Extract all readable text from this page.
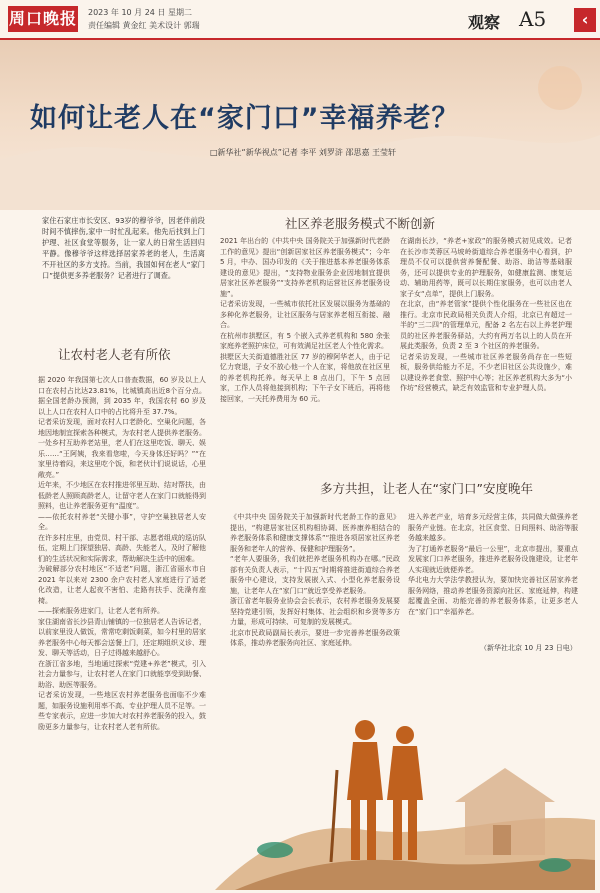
周口晚报 2023 年 10 月 24 日 星期二
责任编辑 黄金红 美术设计 郭瑞	观察 A5	‹
如何让老人在“家门口”幸福养老？
□新华社“新华视点”记者 李平 刘罗浒 邵思嘉 王莹轩

家住石家庄市长安区、93岁的穆爷爷，因老伴前段时间不慎摔伤,家中一时忙乱起来。他先后找到上门护理、社区食堂等服务，让一家人的日常生活回归平静。像穆爷爷这样选择居家养老的老人，生活离不开社区的多方支持。当前，我国如何在老人“家门口”提供更多养老服务？记者进行了调查。

社区养老服务模式不断创新
让农村老人老有所依
多方共担，让老人在“家门口”安度晚年

据 2020 年我国第七次人口普查数据，60 岁及以上人口在农村占比达23.81%，比城镇高出近8个百分点。据全国老龄办预测，到 2035 年，我国农村 60 岁及以上人口在农村人口中的占比将升至 37.7%。

记者采访发现，面对农村人口老龄化、空巢化问题，各地因地制宜探索各种模式，为农村老人提供养老服务。

一处乡村互助养老站里，老人们在这里吃饭、聊天、娱乐……“王阿姨，我来看您啦，今天身体还好吗？”“在家里待着闷，来这里吃个饭，和老伙计们说说话，心里敞亮。”

近年来，不少地区在农村推进邻里互助、结对帮扶，由低龄老人照顾高龄老人，让留守老人在家门口就能得到照料，也让养老服务更有“温度”。

——依托农村养老“关键小事”，守护空巢独居老人安全。

在许多村庄里，由党员、村干部、志愿者组成的巡访队伍，定期上门探望独居、高龄、失能老人，及时了解他们的生活状况和实际需求，帮助解决生活中的困难。

为破解部分农村地区“不适老”问题，浙江省丽水市自 2021 年以来对 2300 余户农村老人家庭进行了适老化改造，让老人起夜不害怕、走路有扶手、洗澡有座椅。

——探索服务进家门，让老人老有所养。

家住湖南省长沙县青山铺镇的一位独居老人告诉记者，以前家里没人做饭，常常吃剩饭剩菜，如今村里的居家养老服务中心每天都会送餐上门，还定期组织义诊、理发、聊天等活动，日子过得越来越舒心。

在浙江省多地，当地通过探索“党建+养老”模式，引入社会力量参与，让农村老人在家门口就能享受到助餐、助浴、助医等服务。

记者采访发现，一些地区农村养老服务也面临不少难题，如服务设施利用率不高、专业护理人员不足等。一些专家表示，应进一步加大对农村养老服务的投入，鼓励更多力量参与，让农村老人老有所依。

2021 年出台的《中共中央 国务院关于加强新时代老龄工作的意见》提出“创新居家社区养老服务模式”；今年 5 月，中办、国办印发的《关于推进基本养老服务体系建设的意见》提出，“支持物业服务企业因地制宜提供居家社区养老服务”“支持养老机构运营社区养老服务设施”。

记者采访发现，一些城市依托社区发展以服务为基础的多种化养老服务，让社区服务与居家养老相互衔接、融合。

在杭州市拱墅区，有 5 个嵌入式养老机构和 580 余张家庭养老照护床位，可有效满足社区老人个性化需求。

拱墅区大关街道德胜社区 77 岁的穆阿华老人，由于记忆力衰退，子女不放心他一个人在家，将他放在社区里的养老机构托养。每天早上 8 点出门，下午 5 点回家，工作人员将他接到机构；下午子女下班后，再将他接回家，一天托养费用为 60 元。

在湖南长沙，“养老+家政”的服务模式初见成效。记者在长沙市芙蓉区马坡岭街道综合养老服务中心看到，护理员不仅可以提供营养餐配餐、助浴、助洁等基础服务，还可以提供专业的护理服务，如健康监测、康复运动、辅助用药等，既可以长期住家服务，也可以由老人家子女“点单”，提供上门服务。

在北京，由“养老管家”提供个性化服务在一些社区也在推行。北京市民政局相关负责人介绍，北京已有超过一半的“三二四”的管理单元，配备 2 名左右以上养老护理员的社区养老服务驿站，大约有两万名以上的人员在开展此类服务，负责 2 至 3 个社区的养老服务。

记者采访发现，一些城市社区养老服务尚存在一些短板，服务供给能力不足，不少老旧社区公共设施少，难以建设养老食堂、照护中心等；社区养老机构大多为“小作坊”经营模式，缺乏有效监管和专业护理人员。

《中共中央 国务院关于加强新时代老龄工作的意见》提出，“构建居家社区机构相协调、医养康养相结合的养老服务体系和健康支撑体系”“推进各项居家社区养老服务和老年人的营养、保健和护理服务”。

“老年人要服务，我们就把养老服务机构办在哪。”民政部有关负责人表示，“十四五”时期将推进街道综合养老服务中心建设，支持发展嵌入式、小型化养老服务设施，让老年人在“家门口”就近享受养老服务。

浙江省老年服务业协会会长表示，农村养老服务发展要坚持党建引领，发挥好村集体、社会组织和乡贤等多方力量，形成可持续、可复制的发展模式。

北京市民政局副局长表示，要进一步完善养老服务政策体系，推动养老服务向社区、家庭延伸。

进入养老产业，培育多元经营主体，共同做大做强养老服务产业链。在北京，社区食堂、日间照料、助浴等服务越来越多。

为了打通养老服务“最后一公里”，北京市提出，要重点发展家门口养老服务，推进养老服务设施建设，让老年人实现就近就便养老。

华北电力大学法学教授认为，要加快完善社区居家养老服务网络，推动养老服务资源向社区、家庭延伸，构建起覆盖全面、功能完善的养老服务体系，让更多老人在“家门口”幸福养老。

（新华社北京 10 月 23 日电）
